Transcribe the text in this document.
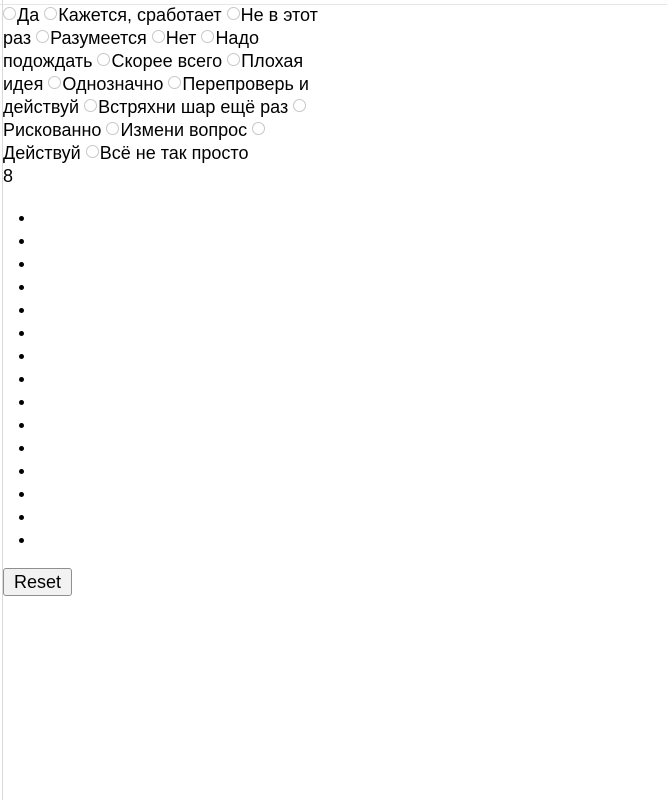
Да Кажется, сработает Не в этот раз Разумеется Нет Надо подождать Скорее всего Плохая идея Однозначно Перепроверь и действуй Встряхни шар ещё раз Рискованно Измени вопрос Действуй Всё не так просто
8
•
•
•
•
•
•
•
•
•
•
•
•
•
•
•
Reset
